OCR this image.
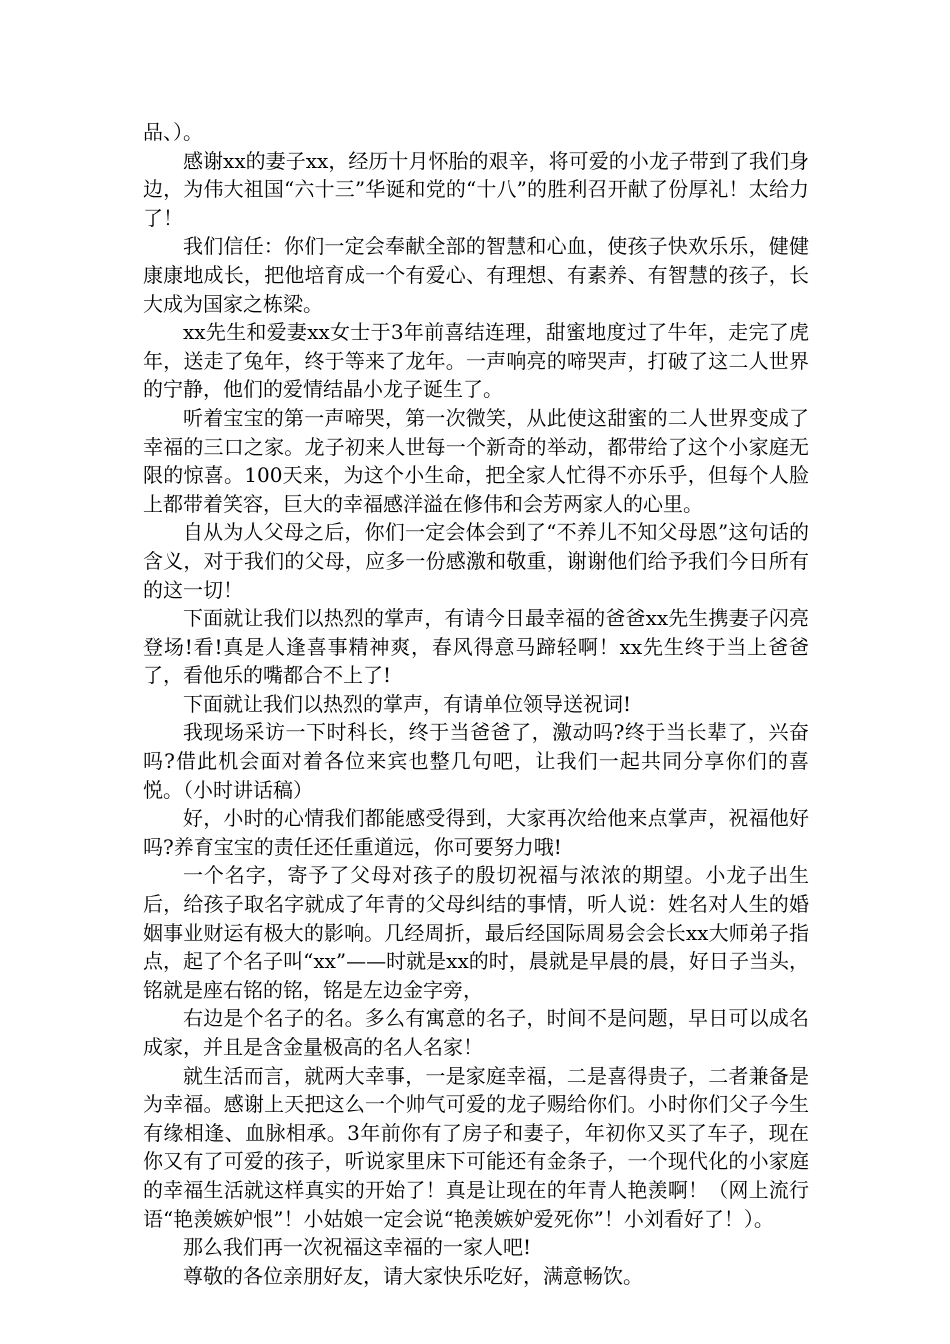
品、）。

感谢xx的妻子xx，经历十月怀胎的艰辛，将可爱的小龙子带到了我们身边，为伟大祖国“六十三”华诞和党的“十八”的胜利召开献了份厚礼！太给力了！

我们信任：你们一定会奉献全部的智慧和心血，使孩子快欢乐乐，健健康康地成长，把他培育成一个有爱心、有理想、有素养、有智慧的孩子，长大成为国家之栋梁。

xx先生和爱妻xx女士于3年前喜结连理，甜蜜地度过了牛年，走完了虎年，送走了兔年，终于等来了龙年。一声响亮的啼哭声，打破了这二人世界的宁静，他们的爱情结晶小龙子诞生了。

听着宝宝的第一声啼哭，第一次微笑，从此使这甜蜜的二人世界变成了幸福的三口之家。龙子初来人世每一个新奇的举动，都带给了这个小家庭无限的惊喜。100天来，为这个小生命，把全家人忙得不亦乐乎，但每个人脸上都带着笑容，巨大的幸福感洋溢在修伟和会芳两家人的心里。

自从为人父母之后，你们一定会体会到了“不养儿不知父母恩”这句话的含义，对于我们的父母，应多一份感激和敬重，谢谢他们给予我们今日所有的这一切！

下面就让我们以热烈的掌声，有请今日最幸福的爸爸xx先生携妻子闪亮登场!看!真是人逢喜事精神爽，春风得意马蹄轻啊！xx先生终于当上爸爸了，看他乐的嘴都合不上了!

下面就让我们以热烈的掌声，有请单位领导送祝词!

我现场采访一下时科长，终于当爸爸了，激动吗?终于当长辈了，兴奋吗?借此机会面对着各位来宾也整几句吧，让我们一起共同分享你们的喜悦。（小时讲话稿）

好，小时的心情我们都能感受得到，大家再次给他来点掌声，祝福他好吗?养育宝宝的责任还任重道远，你可要努力哦!

一个名字，寄予了父母对孩子的殷切祝福与浓浓的期望。小龙子出生后，给孩子取名字就成了年青的父母纠结的事情，听人说：姓名对人生的婚姻事业财运有极大的影响。几经周折，最后经国际周易会会长xx大师弟子指点，起了个名子叫“xx”——时就是xx的时，晨就是早晨的晨，好日子当头，铭就是座右铭的铭，铭是左边金字旁，

右边是个名子的名。多么有寓意的名子，时间不是问题，早日可以成名成家，并且是含金量极高的名人名家！

就生活而言，就两大幸事，一是家庭幸福，二是喜得贵子，二者兼备是为幸福。感谢上天把这么一个帅气可爱的龙子赐给你们。小时你们父子今生有缘相逢、血脉相承。3年前你有了房子和妻子，年初你又买了车子，现在你又有了可爱的孩子，听说家里床下可能还有金条子，一个现代化的小家庭的幸福生活就这样真实的开始了！真是让现在的年青人艳羡啊！（网上流行语“艳羡嫉妒恨”！小姑娘一定会说“艳羡嫉妒爱死你”！小刘看好了！）。

那么我们再一次祝福这幸福的一家人吧!

尊敬的各位亲朋好友，请大家快乐吃好，满意畅饮。
